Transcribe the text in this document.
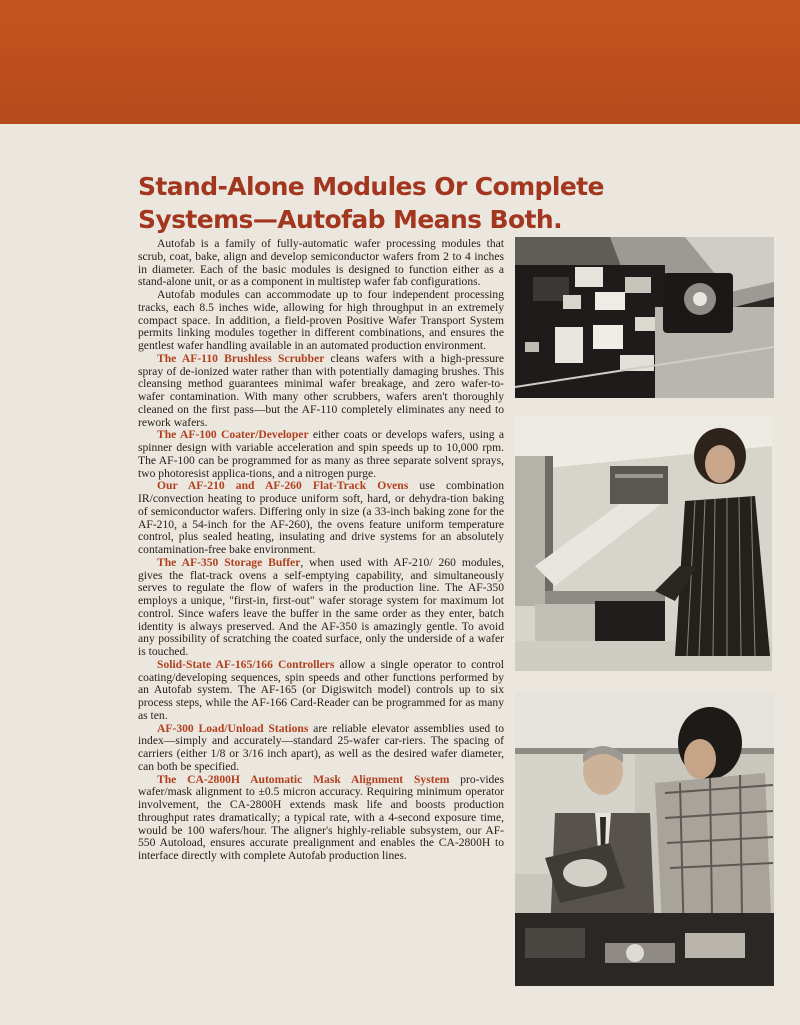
Stand-Alone Modules Or Complete
Systems—Autofab Means Both.

Autofab is a family of fully-automatic wafer processing modules that scrub, coat, bake, align and develop semiconductor wafers from 2 to 4 inches in diameter. Each of the basic modules is designed to function either as a stand-alone unit, or as a component in multistep wafer fab configurations.

Autofab modules can accommodate up to four independent processing tracks, each 8.5 inches wide, allowing for high throughput in an extremely compact space. In addition, a field-proven Positive Wafer Transport System permits linking modules together in different combinations, and ensures the gentlest wafer handling available in an automated production environment.

The AF-110 Brushless Scrubber cleans wafers with a high-pressure spray of de-ionized water rather than with potentially damaging brushes. This cleansing method guarantees minimal wafer breakage, and zero wafer-to-wafer contamination. With many other scrubbers, wafers aren't thoroughly cleaned on the first pass—but the AF-110 completely eliminates any need to rework wafers.

The AF-100 Coater/Developer either coats or develops wafers, using a spinner design with variable acceleration and spin speeds up to 10,000 rpm. The AF-100 can be programmed for as many as three separate solvent sprays, two photoresist applica-tions, and a nitrogen purge.

Our AF-210 and AF-260 Flat-Track Ovens use combination IR/convection heating to produce uniform soft, hard, or dehydra-tion baking of semiconductor wafers. Differing only in size (a 33-inch baking zone for the AF-210, a 54-inch for the AF-260), the ovens feature uniform temperature control, plus sealed heating, insulating and drive systems for an absolutely contamination-free bake environment.

The AF-350 Storage Buffer, when used with AF-210/ 260 modules, gives the flat-track ovens a self-emptying capability, and simultaneously serves to regulate the flow of wafers in the production line. The AF-350 employs a unique, "first-in, first-out" wafer storage system for maximum lot control. Since wafers leave the buffer in the same order as they enter, batch identity is always preserved. And the AF-350 is amazingly gentle. To avoid any possibility of scratching the coated surface, only the underside of a wafer is touched.

Solid-State AF-165/166 Controllers allow a single operator to control coating/developing sequences, spin speeds and other functions performed by an Autofab system. The AF-165 (or Digiswitch model) controls up to six process steps, while the AF-166 Card-Reader can be programmed for as many as ten.

AF-300 Load/Unload Stations are reliable elevator assemblies used to index—simply and accurately—standard 25-wafer car-riers. The spacing of carriers (either 1/8 or 3/16 inch apart), as well as the desired wafer diameter, can both be specified.

The CA-2800H Automatic Mask Alignment System pro-vides wafer/mask alignment to ±0.5 micron accuracy. Requiring minimum operator involvement, the CA-2800H extends mask life and boosts production throughput rates dramatically; a typical rate, with a 4-second exposure time, would be 100 wafers/hour. The aligner's highly-reliable subsystem, our AF-550 Autoload, ensures accurate prealignment and enables the CA-2800H to interface directly with complete Autofab production lines.
